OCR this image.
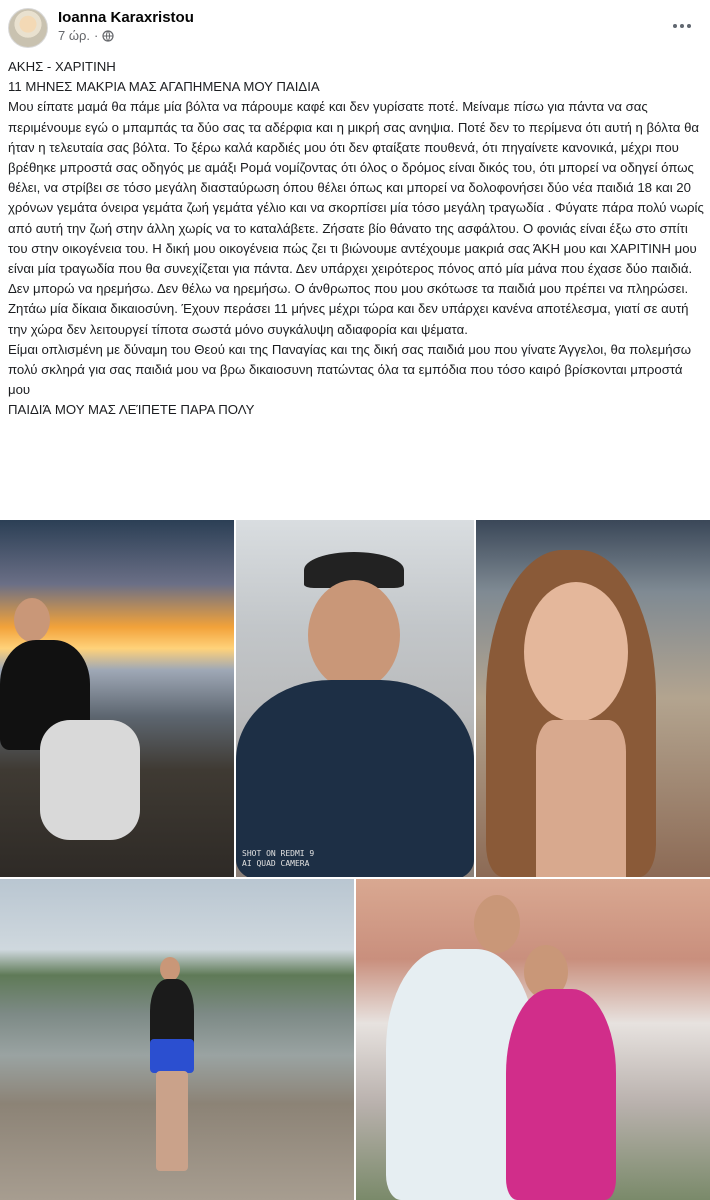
Ioanna Karaxristou
7 ώρ. ·
ΑΚΗΣ - ΧΑΡΙΤΙΝΗ
11 ΜΗΝΕΣ ΜΑΚΡΙΑ ΜΑΣ ΑΓΑΠΗΜΕΝΑ ΜΟΥ ΠΑΙΔΙΑ
Μου είπατε μαμά θα πάμε μία βόλτα να πάρουμε καφέ και δεν γυρίσατε ποτέ. Μείναμε πίσω για πάντα να σας περιμένουμε εγώ ο μπαμπάς τα δύο σας τα αδέρφια και η μικρή σας ανηψια. Ποτέ δεν το περίμενα ότι αυτή η βόλτα θα ήταν η τελευταία σας βόλτα. Το ξέρω καλά καρδιές μου ότι δεν φταίξατε πουθενά, ότι πηγαίνετε κανονικά, μέχρι που βρέθηκε μπροστά σας οδηγός με αμάξι Ρομά νομίζοντας ότι όλος ο δρόμος είναι δικός του, ότι μπορεί να οδηγεί όπως θέλει, να στρίβει σε τόσο μεγάλη διασταύρωση όπου θέλει όπως και μπορεί να δολοφονήσει δύο νέα παιδιά 18 και 20 χρόνων γεμάτα όνειρα γεμάτα ζωή γεμάτα γέλιο και να σκορπίσει μία τόσο μεγάλη τραγωδία . Φύγατε πάρα πολύ νωρίς από αυτή την ζωή στην άλλη χωρίς να το καταλάβετε. Ζήσατε βίο θάνατο της ασφάλτου. Ο φονιάς είναι έξω στο σπίτι του στην οικογένεια του. Η δική μου οικογένεια πώς ζει τι βιώνουμε αντέχουμε μακριά σας ΆΚΗ μου και ΧΑΡΙΤΙΝΗ μου είναι μία τραγωδία που θα συνεχίζεται για πάντα. Δεν υπάρχει χειρότερος πόνος από μία μάνα που έχασε δύο παιδιά.
Δεν μπορώ να ηρεμήσω. Δεν θέλω να ηρεμήσω. Ο άνθρωπος που μου σκότωσε τα παιδιά μου πρέπει να πληρώσει. Ζητάω μία δίκαια δικαιοσύνη. Έχουν περάσει 11 μήνες μέχρι τώρα και δεν υπάρχει κανένα αποτέλεσμα, γιατί σε αυτή την χώρα δεν λειτουργεί τίποτα σωστά μόνο συγκάλυψη αδιαφορία και ψέματα.
Είμαι οπλισμένη με δύναμη του Θεού και της Παναγίας και της δική σας παιδιά μου που γίνατε Άγγελοι, θα πολεμήσω πολύ σκληρά για σας παιδιά μου να βρω δικαιοσυνη πατώντας όλα τα εμπόδια που τόσο καιρό βρίσκονται μπροστά μου
ΠΑΙΔΙΆ ΜΟΥ ΜΑΣ ΛΕΊΠΕΤΕ ΠΑΡΑ ΠΟΛΥ
SHOT ON REDMI 9
AI QUAD CAMERA
